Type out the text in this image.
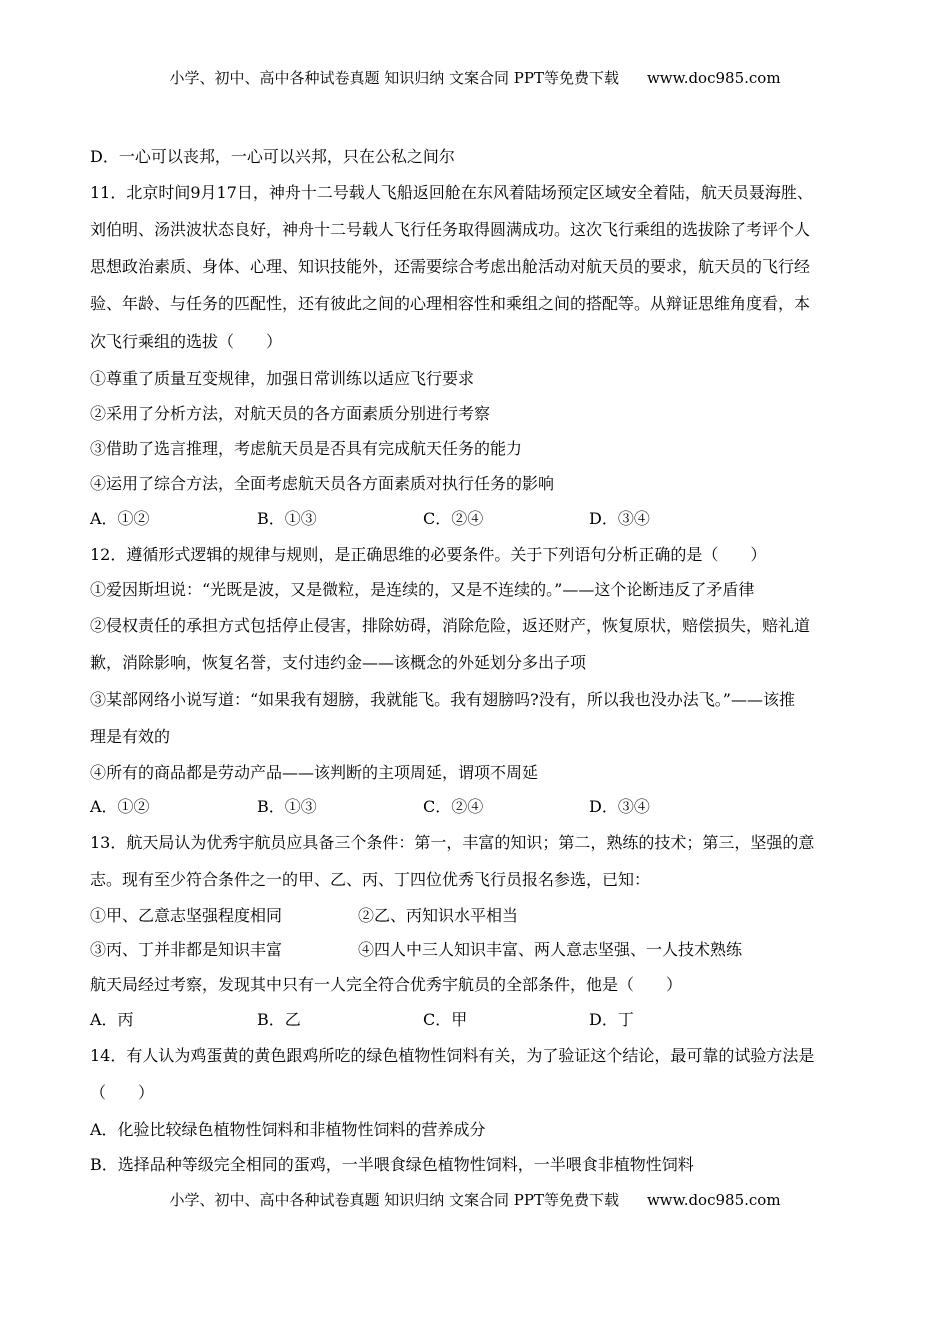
小学、初中、高中各种试卷真题 知识归纳 文案合同 PPT等免费下载 www.doc985.com
D．一心可以丧邦，一心可以兴邦，只在公私之间尔
11．北京时间9月17日，神舟十二号载人飞船返回舱在东风着陆场预定区域安全着陆，航天员聂海胜、
刘伯明、汤洪波状态良好，神舟十二号载人飞行任务取得圆满成功。这次飞行乘组的选拔除了考评个人
思想政治素质、身体、心理、知识技能外，还需要综合考虑出舱活动对航天员的要求，航天员的飞行经
验、年龄、与任务的匹配性，还有彼此之间的心理相容性和乘组之间的搭配等。从辩证思维角度看，本
次飞行乘组的选拔（　　）
①尊重了质量互变规律，加强日常训练以适应飞行要求
②采用了分析方法，对航天员的各方面素质分别进行考察
③借助了选言推理，考虑航天员是否具有完成航天任务的能力
④运用了综合方法，全面考虑航天员各方面素质对执行任务的影响
A．①②	B．①③	C．②④	D．③④
12．遵循形式逻辑的规律与规则，是正确思维的必要条件。关于下列语句分析正确的是（　　）
①爱因斯坦说：“光既是波，又是微粒，是连续的，又是不连续的。”——这个论断违反了矛盾律
②侵权责任的承担方式包括停止侵害，排除妨碍，消除危险，返还财产，恢复原状，赔偿损失，赔礼道
歉，消除影响，恢复名誉，支付违约金——该概念的外延划分多出子项
③某部网络小说写道：“如果我有翅膀，我就能飞。我有翅膀吗?没有，所以我也没办法飞。”——该推
理是有效的
④所有的商品都是劳动产品——该判断的主项周延，谓项不周延
A．①②	B．①③	C．②④	D．③④
13．航天局认为优秀宇航员应具备三个条件：第一，丰富的知识；第二，熟练的技术；第三，坚强的意
志。现有至少符合条件之一的甲、乙、丙、丁四位优秀飞行员报名参选，已知：
①甲、乙意志坚强程度相同	②乙、丙知识水平相当
③丙、丁并非都是知识丰富	④四人中三人知识丰富、两人意志坚强、一人技术熟练
航天局经过考察，发现其中只有一人完全符合优秀宇航员的全部条件，他是（　　）
A．丙	B．乙	C．甲	D．丁
14．有人认为鸡蛋黄的黄色跟鸡所吃的绿色植物性饲料有关，为了验证这个结论，最可靠的试验方法是
（　　）
A．化验比较绿色植物性饲料和非植物性饲料的营养成分
B．选择品种等级完全相同的蛋鸡，一半喂食绿色植物性饲料，一半喂食非植物性饲料
小学、初中、高中各种试卷真题 知识归纳 文案合同 PPT等免费下载 www.doc985.com
